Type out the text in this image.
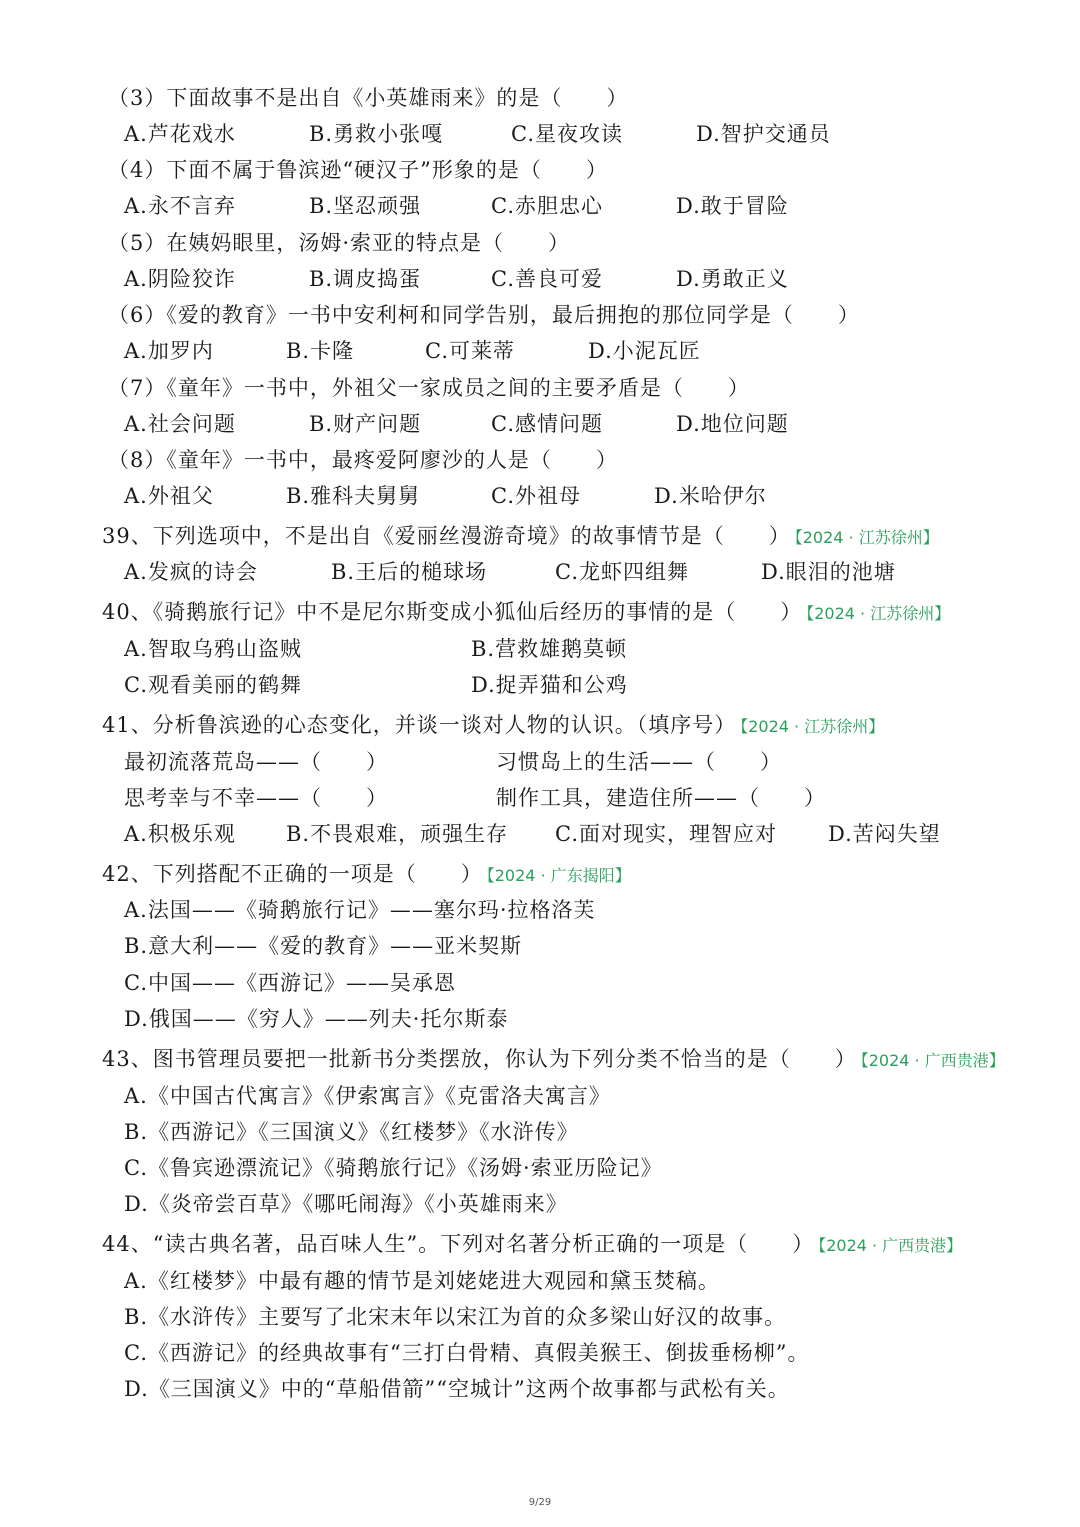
（3）下面故事不是出自《小英雄雨来》的是（　　）
A.芦花戏水	B.勇救小张嘎	C.星夜攻读	D.智护交通员
（4）下面不属于鲁滨逊“硬汉子”形象的是（　　）
A.永不言弃	B.坚忍顽强	C.赤胆忠心	D.敢于冒险
（5）在姨妈眼里，汤姆·索亚的特点是（　　）
A.阴险狡诈	B.调皮捣蛋	C.善良可爱	D.勇敢正义
（6）《爱的教育》一书中安利柯和同学告别，最后拥抱的那位同学是（　　）
A.加罗内	B.卡隆	C.可莱蒂	D.小泥瓦匠
（7）《童年》一书中，外祖父一家成员之间的主要矛盾是（　　）
A.社会问题	B.财产问题	C.感情问题	D.地位问题
（8）《童年》一书中，最疼爱阿廖沙的人是（　　）
A.外祖父	B.雅科夫舅舅	C.外祖母	D.米哈伊尔
39、下列选项中，不是出自《爱丽丝漫游奇境》的故事情节是（　　） 【2024 · 江苏徐州】
A.发疯的诗会	B.王后的槌球场	C.龙虾四组舞	D.眼泪的池塘
40、《骑鹅旅行记》中不是尼尔斯变成小狐仙后经历的事情的是（　　） 【2024 · 江苏徐州】
A.智取乌鸦山盗贼	B.营救雄鹅莫顿
C.观看美丽的鹤舞	D.捉弄猫和公鸡
41、分析鲁滨逊的心态变化，并谈一谈对人物的认识。（填序号） 【2024 · 江苏徐州】
最初流落荒岛——（　　）	习惯岛上的生活——（　　）
思考幸与不幸——（　　）	制作工具，建造住所——（　　）
A.积极乐观 B.不畏艰难，顽强生存 C.面对现实，理智应对 D.苦闷失望
42、下列搭配不正确的一项是（　　） 【2024 · 广东揭阳】
A.法国——《骑鹅旅行记》——塞尔玛·拉格洛芙
B.意大利——《爱的教育》——亚米契斯
C.中国——《西游记》——吴承恩
D.俄国——《穷人》——列夫·托尔斯泰
43、图书管理员要把一批新书分类摆放，你认为下列分类不恰当的是（　　） 【2024 · 广西贵港】
A.《中国古代寓言》《伊索寓言》《克雷洛夫寓言》
B.《西游记》《三国演义》《红楼梦》《水浒传》
C.《鲁宾逊漂流记》《骑鹅旅行记》《汤姆·索亚历险记》
D.《炎帝尝百草》《哪吒闹海》《小英雄雨来》
44、“读古典名著，品百味人生”。下列对名著分析正确的一项是（　　） 【2024 · 广西贵港】
A.《红楼梦》中最有趣的情节是刘姥姥进大观园和黛玉焚稿。
B.《水浒传》主要写了北宋末年以宋江为首的众多梁山好汉的故事。
C.《西游记》的经典故事有“三打白骨精、真假美猴王、倒拔垂杨柳”。
D.《三国演义》中的“草船借箭”“空城计”这两个故事都与武松有关。
9/29
